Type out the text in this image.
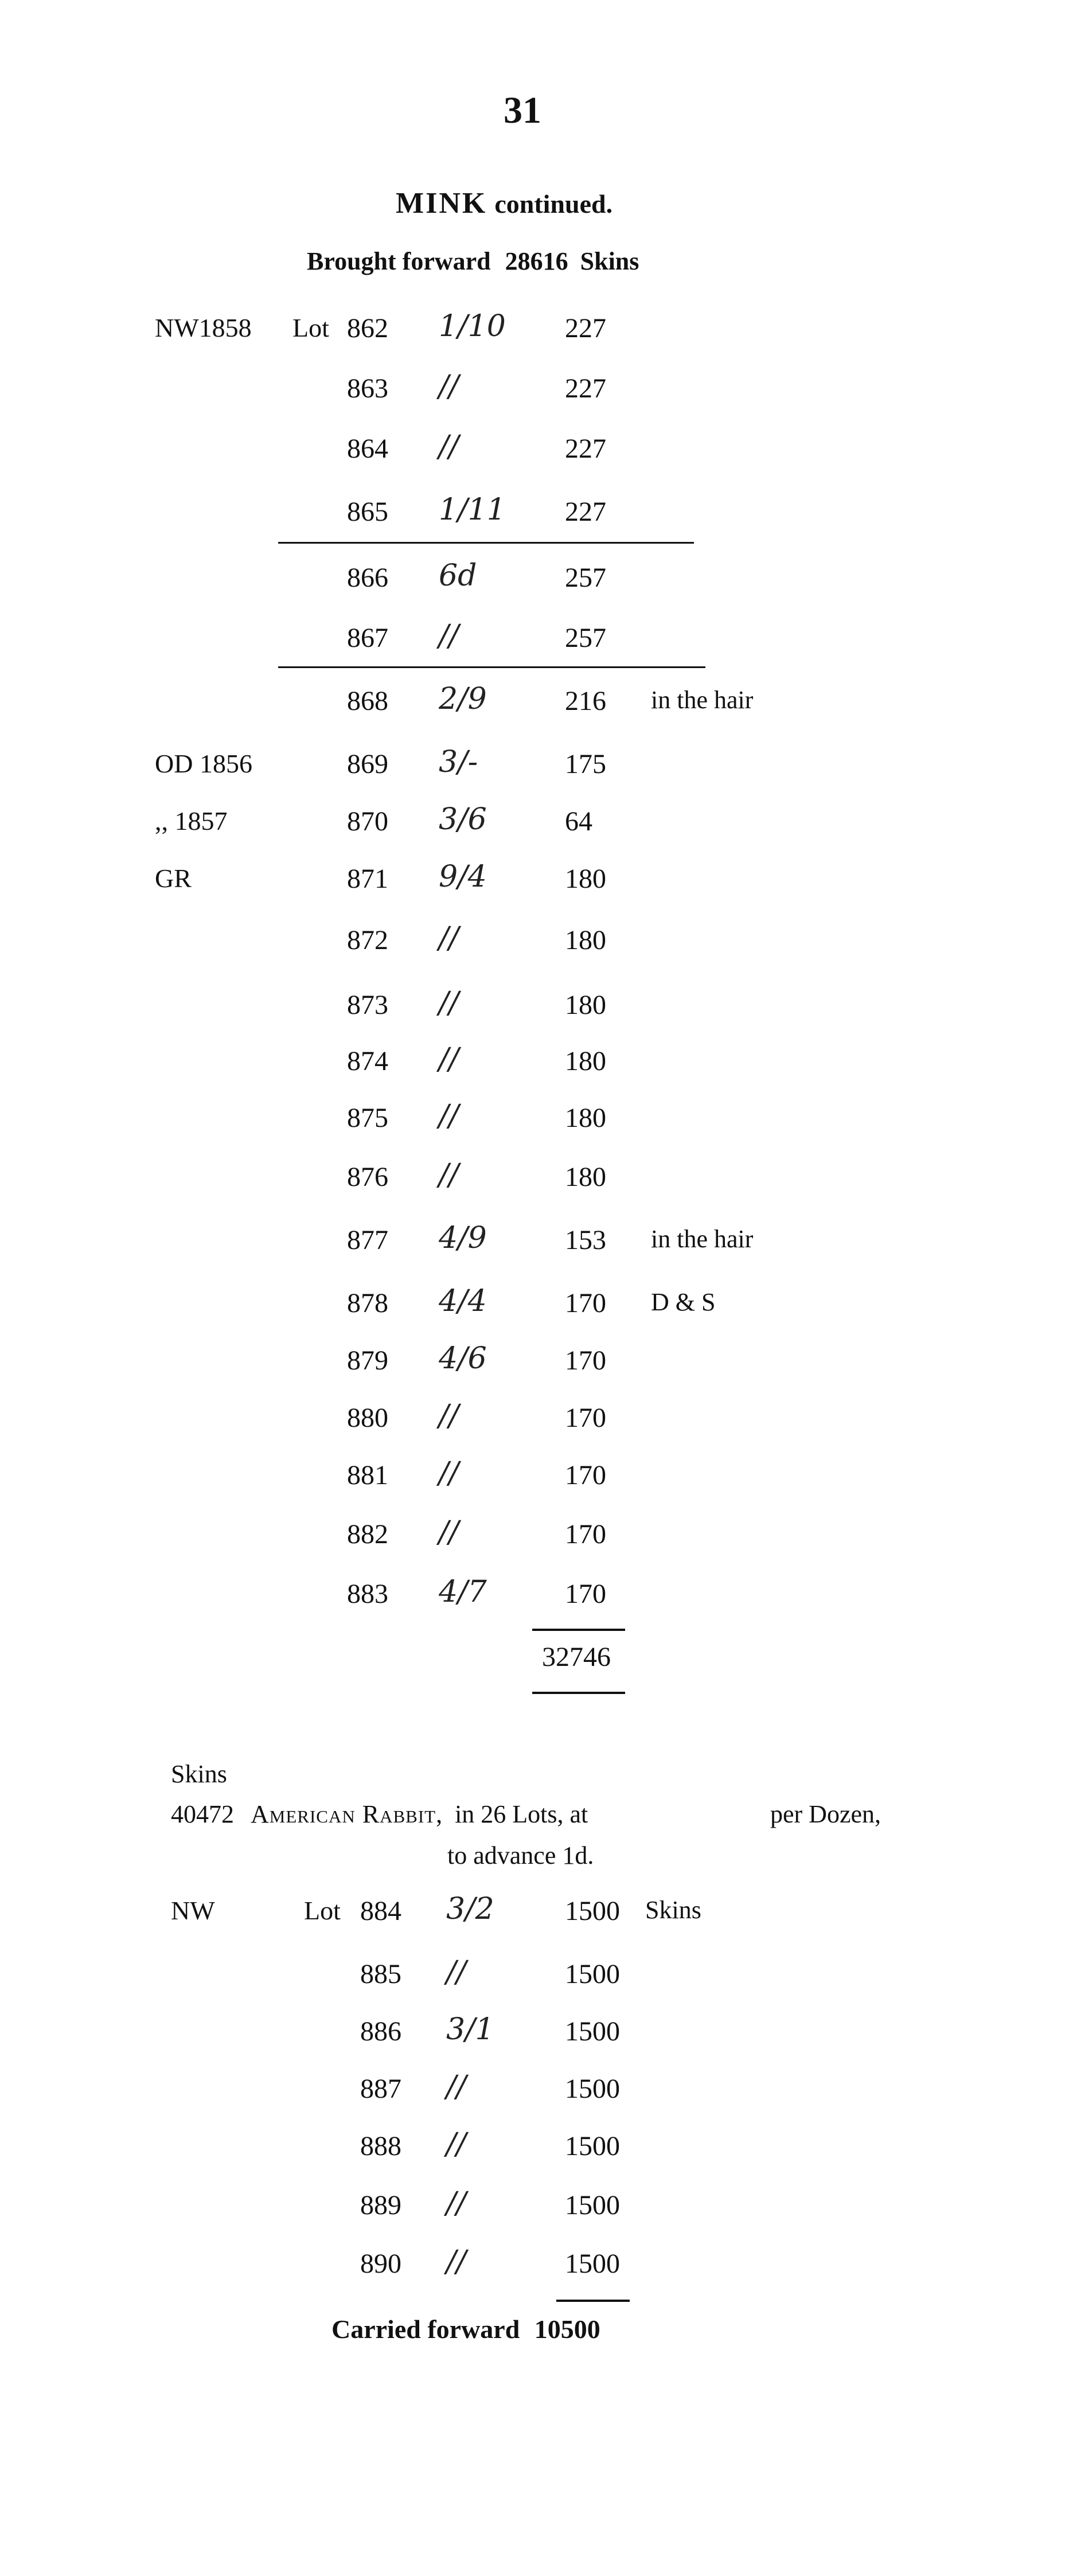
31
MINK continued.
Brought forward 28616 Skins
NW1858 Lot 862 1/10 227
863 //	227
864 //	227
865 1/11 227
866 6d	257
867 //	257
868 2/9	216 in the hair
OD 1856	869 3/-	175
,, 1857	870 3/6	64
GR	871 9/4	180
872 //	180
873 //	180
874 //	180
875 //	180
876 //	180
877 4/9	153 in the hair
878 4/4	170 D & S
879 4/6	170
880 //	170
881 //	170
882 //	170
883 4/7	170
32746
Skins
40472 American Rabbit, in 26 Lots, at	per Dozen,
to advance 1d.
NW	Lot 884 3/2	1500 Skins
885 //	1500
886 3/1	1500
887 //	1500
888 //	1500
889 //	1500
890 //	1500
Carried forward 10500
